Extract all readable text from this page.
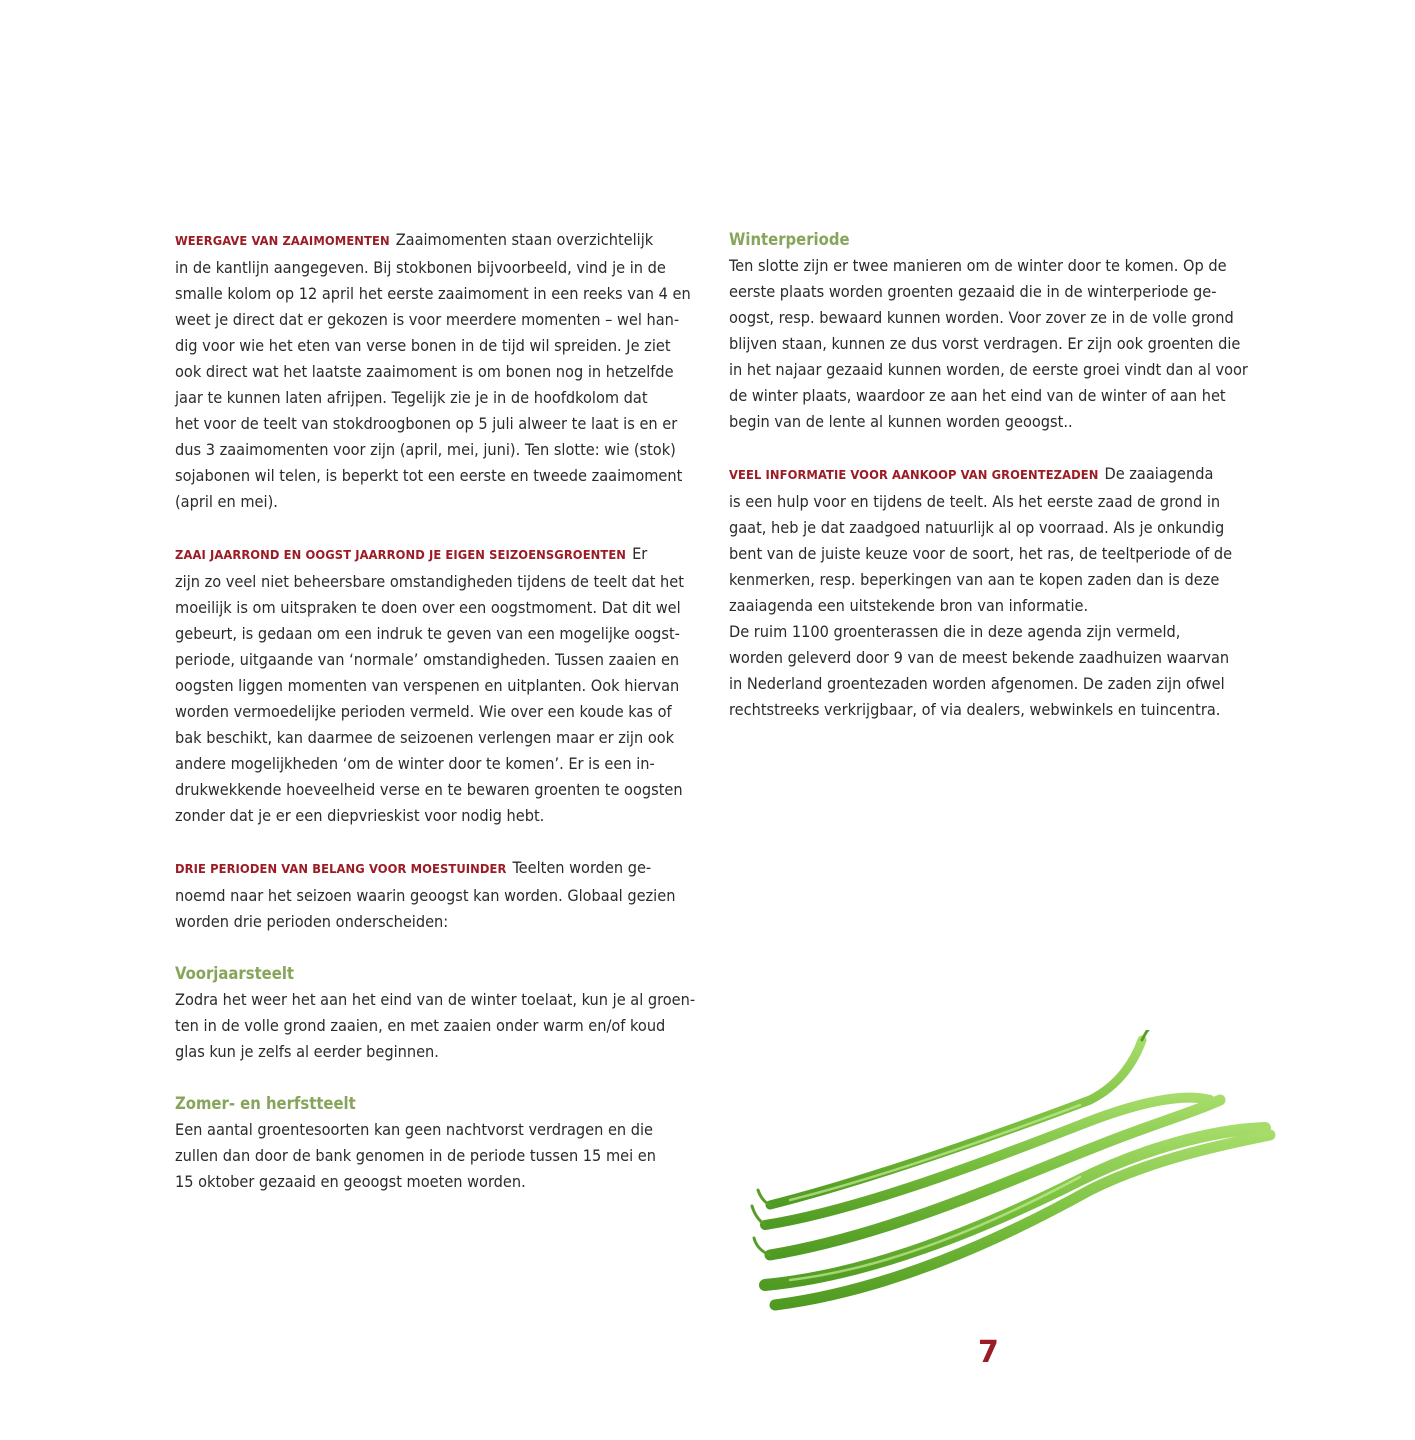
WEERGAVE VAN ZAAIMOMENTEN Zaaimomenten staan overzichtelijk
in de kantlijn aangegeven. Bij stokbonen bijvoorbeeld, vind je in de
smalle kolom op 12 april het eerste zaaimoment in een reeks van 4 en
weet je direct dat er gekozen is voor meerdere momenten – wel han-
dig voor wie het eten van verse bonen in de tijd wil spreiden. Je ziet
ook direct wat het laatste zaaimoment is om bonen nog in hetzelfde
jaar te kunnen laten afrijpen. Tegelijk zie je in de hoofdkolom dat
het voor de teelt van stokdroogbonen op 5 juli alweer te laat is en er
dus 3 zaaimomenten voor zijn (april, mei, juni). Ten slotte: wie (stok)
sojabonen wil telen, is beperkt tot een eerste en tweede zaaimoment
(april en mei).

ZAAI JAARROND EN OOGST JAARROND JE EIGEN SEIZOENSGROENTEN Er
zijn zo veel niet beheersbare omstandigheden tijdens de teelt dat het
moeilijk is om uitspraken te doen over een oogstmoment. Dat dit wel
gebeurt, is gedaan om een indruk te geven van een mogelijke oogst-
periode, uitgaande van ‘normale’ omstandigheden. Tussen zaaien en
oogsten liggen momenten van verspenen en uitplanten. Ook hiervan
worden vermoedelijke perioden vermeld. Wie over een koude kas of
bak beschikt, kan daarmee de seizoenen verlengen maar er zijn ook
andere mogelijkheden ‘om de winter door te komen’. Er is een in-
drukwekkende hoeveelheid verse en te bewaren groenten te oogsten
zonder dat je er een diepvrieskist voor nodig hebt.

DRIE PERIODEN VAN BELANG VOOR MOESTUINDER Teelten worden ge-
noemd naar het seizoen waarin geoogst kan worden. Globaal gezien
worden drie perioden onderscheiden:

Voorjaarsteelt
Zodra het weer het aan het eind van de winter toelaat, kun je al groen-
ten in de volle grond zaaien, en met zaaien onder warm en/of koud
glas kun je zelfs al eerder beginnen.

Zomer- en herfstteelt
Een aantal groentesoorten kan geen nachtvorst verdragen en die
zullen dan door de bank genomen in de periode tussen 15 mei en
15 oktober gezaaid en geoogst moeten worden.

Winterperiode
Ten slotte zijn er twee manieren om de winter door te komen. Op de
eerste plaats worden groenten gezaaid die in de winterperiode ge-
oogst, resp. bewaard kunnen worden. Voor zover ze in de volle grond
blijven staan, kunnen ze dus vorst verdragen. Er zijn ook groenten die
in het najaar gezaaid kunnen worden, de eerste groei vindt dan al voor
de winter plaats, waardoor ze aan het eind van de winter of aan het
begin van de lente al kunnen worden geoogst..

VEEL INFORMATIE VOOR AANKOOP VAN GROENTEZADEN De zaaiagenda
is een hulp voor en tijdens de teelt. Als het eerste zaad de grond in
gaat, heb je dat zaadgoed natuurlijk al op voorraad. Als je onkundig
bent van de juiste keuze voor de soort, het ras, de teeltperiode of de
kenmerken, resp. beperkingen van aan te kopen zaden dan is deze
zaaiagenda een uitstekende bron van informatie.
De ruim 1100 groenterassen die in deze agenda zijn vermeld,
worden geleverd door 9 van de meest bekende zaadhuizen waarvan
in Nederland groentezaden worden afgenomen. De zaden zijn ofwel
rechtstreeks verkrijgbaar, of via dealers, webwinkels en tuincentra.

7
